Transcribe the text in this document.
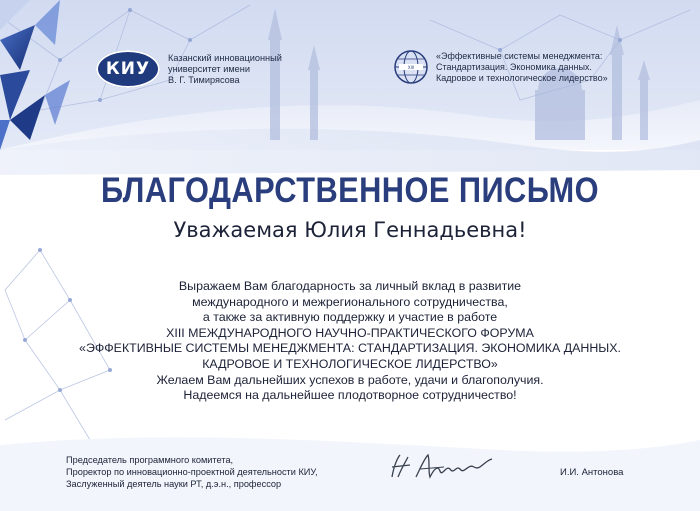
КИУ
Казанский инновационный
университет имени
В. Г. Тимирясова
XIII
«Эффективные системы менеджмента:
Стандартизация. Экономика данных.
Кадровое и технологическое лидерство»
БЛАГОДАРСТВЕННОЕ ПИСЬМО
Уважаемая Юлия Геннадьевна!
Выражаем Вам благодарность за личный вклад в развитие
международного и межрегионального сотрудничества,
а также за активную поддержку и участие в работе
XIII МЕЖДУНАРОДНОГО НАУЧНО-ПРАКТИЧЕСКОГО ФОРУМА
«ЭФФЕКТИВНЫЕ СИСТЕМЫ МЕНЕДЖМЕНТА: СТАНДАРТИЗАЦИЯ. ЭКОНОМИКА ДАННЫХ.
КАДРОВОЕ И ТЕХНОЛОГИЧЕСКОЕ ЛИДЕРСТВО»
Желаем Вам дальнейших успехов в работе, удачи и благополучия.
Надеемся на дальнейшее плодотворное сотрудничество!
Председатель программного комитета,
Проректор по инновационно-проектной деятельности КИУ,
Заслуженный деятель науки РТ, д.э.н., профессор
И.И. Антонова
